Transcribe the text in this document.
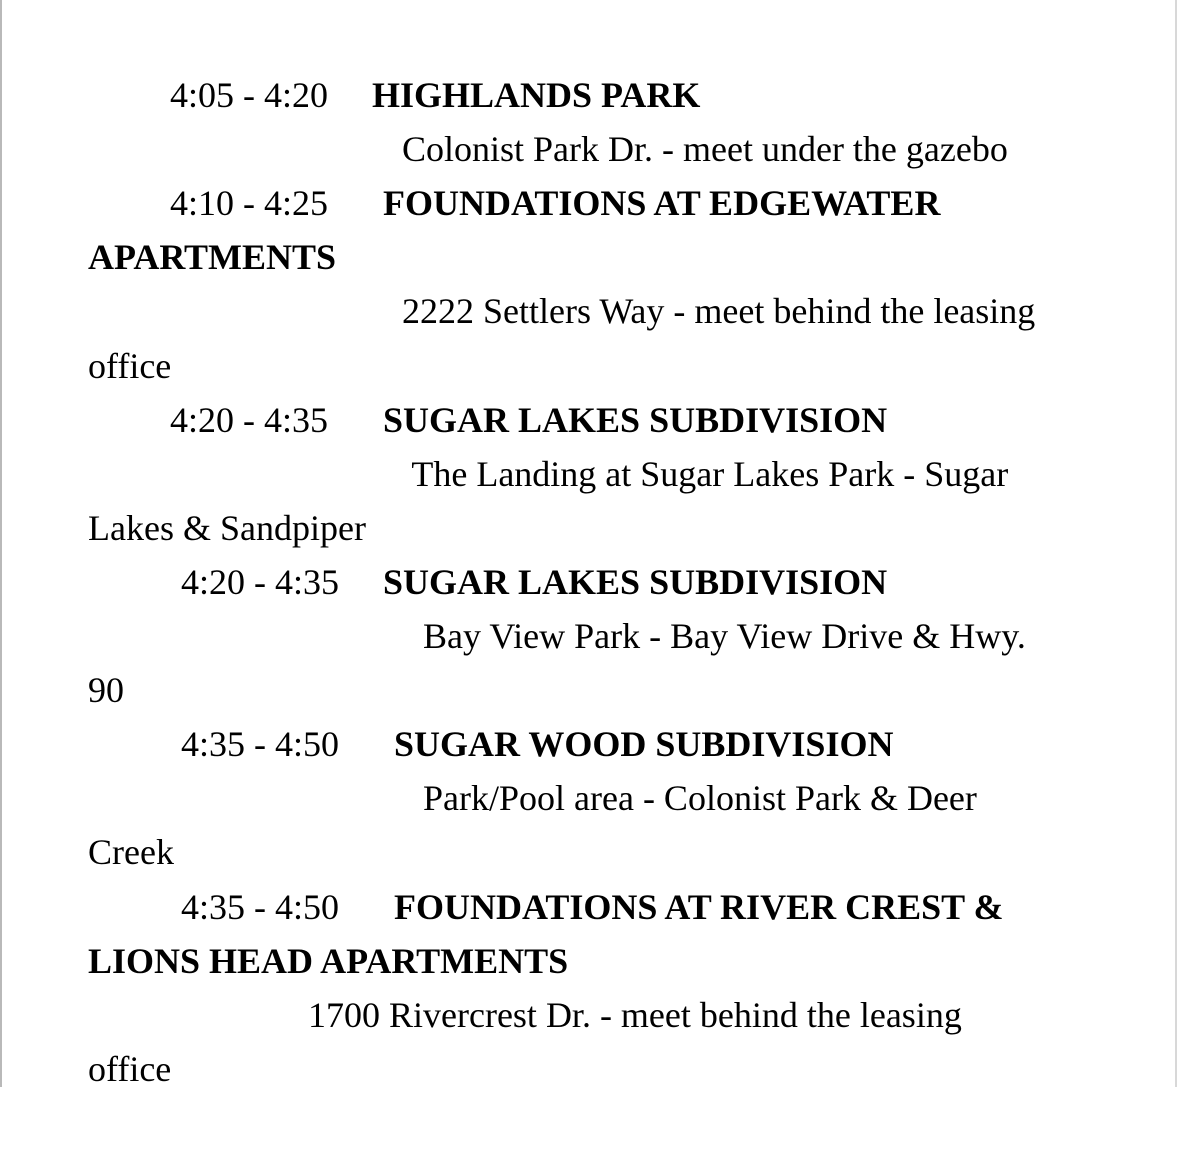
4:05 - 4:20 HIGHLANDS PARK

Colonist Park Dr. - meet under the gazebo

4:10 - 4:25 FOUNDATIONS AT EDGEWATER

APARTMENTS

2222 Settlers Way - meet behind the leasing

office

4:20 - 4:35 SUGAR LAKES SUBDIVISION

The Landing at Sugar Lakes Park - Sugar

Lakes & Sandpiper

4:20 - 4:35 SUGAR LAKES SUBDIVISION

Bay View Park - Bay View Drive & Hwy.

90

4:35 - 4:50 SUGAR WOOD SUBDIVISION

Park/Pool area - Colonist Park & Deer

Creek

4:35 - 4:50 FOUNDATIONS AT RIVER CREST &

LIONS HEAD APARTMENTS

1700 Rivercrest Dr. - meet behind the leasing

office
